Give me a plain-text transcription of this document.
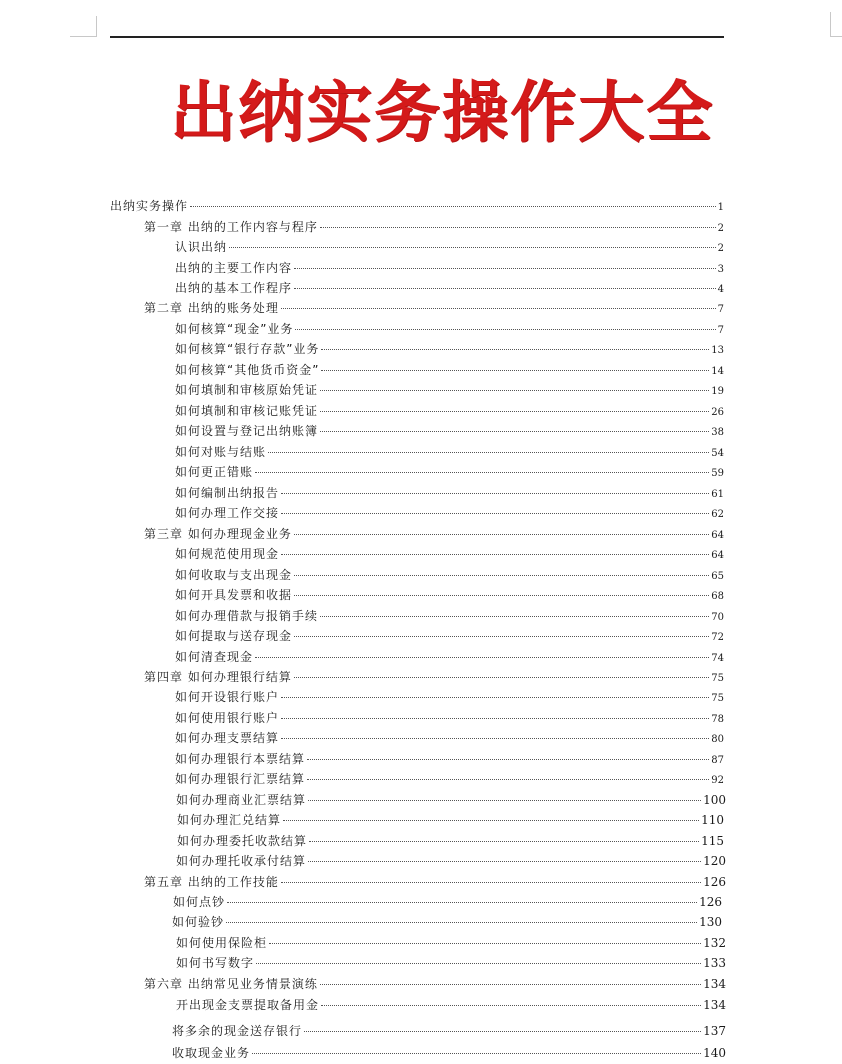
出纳实务操作大全
出纳实务操作	1
第一章 出纳的工作内容与程序	2
认识出纳	2
出纳的主要工作内容	3
出纳的基本工作程序	4
第二章 出纳的账务处理	7
如何核算“现金”业务	7
如何核算“银行存款”业务	13
如何核算“其他货币资金”	14
如何填制和审核原始凭证	19
如何填制和审核记账凭证	26
如何设置与登记出纳账簿	38
如何对账与结账	54
如何更正错账	59
如何编制出纳报告	61
如何办理工作交接	62
第三章 如何办理现金业务	64
如何规范使用现金	64
如何收取与支出现金	65
如何开具发票和收据	68
如何办理借款与报销手续	70
如何提取与送存现金	72
如何清查现金	74
第四章 如何办理银行结算	75
如何开设银行账户	75
如何使用银行账户	78
如何办理支票结算	80
如何办理银行本票结算	87
如何办理银行汇票结算	92
如何办理商业汇票结算	100
如何办理汇兑结算	110
如何办理委托收款结算	115
如何办理托收承付结算	120
第五章 出纳的工作技能	126
如何点钞	126
如何验钞	130
如何使用保险柜	132
如何书写数字	133
第六章 出纳常见业务情景演练	134
开出现金支票提取备用金	134
将多余的现金送存银行	137
收取现金业务	140
